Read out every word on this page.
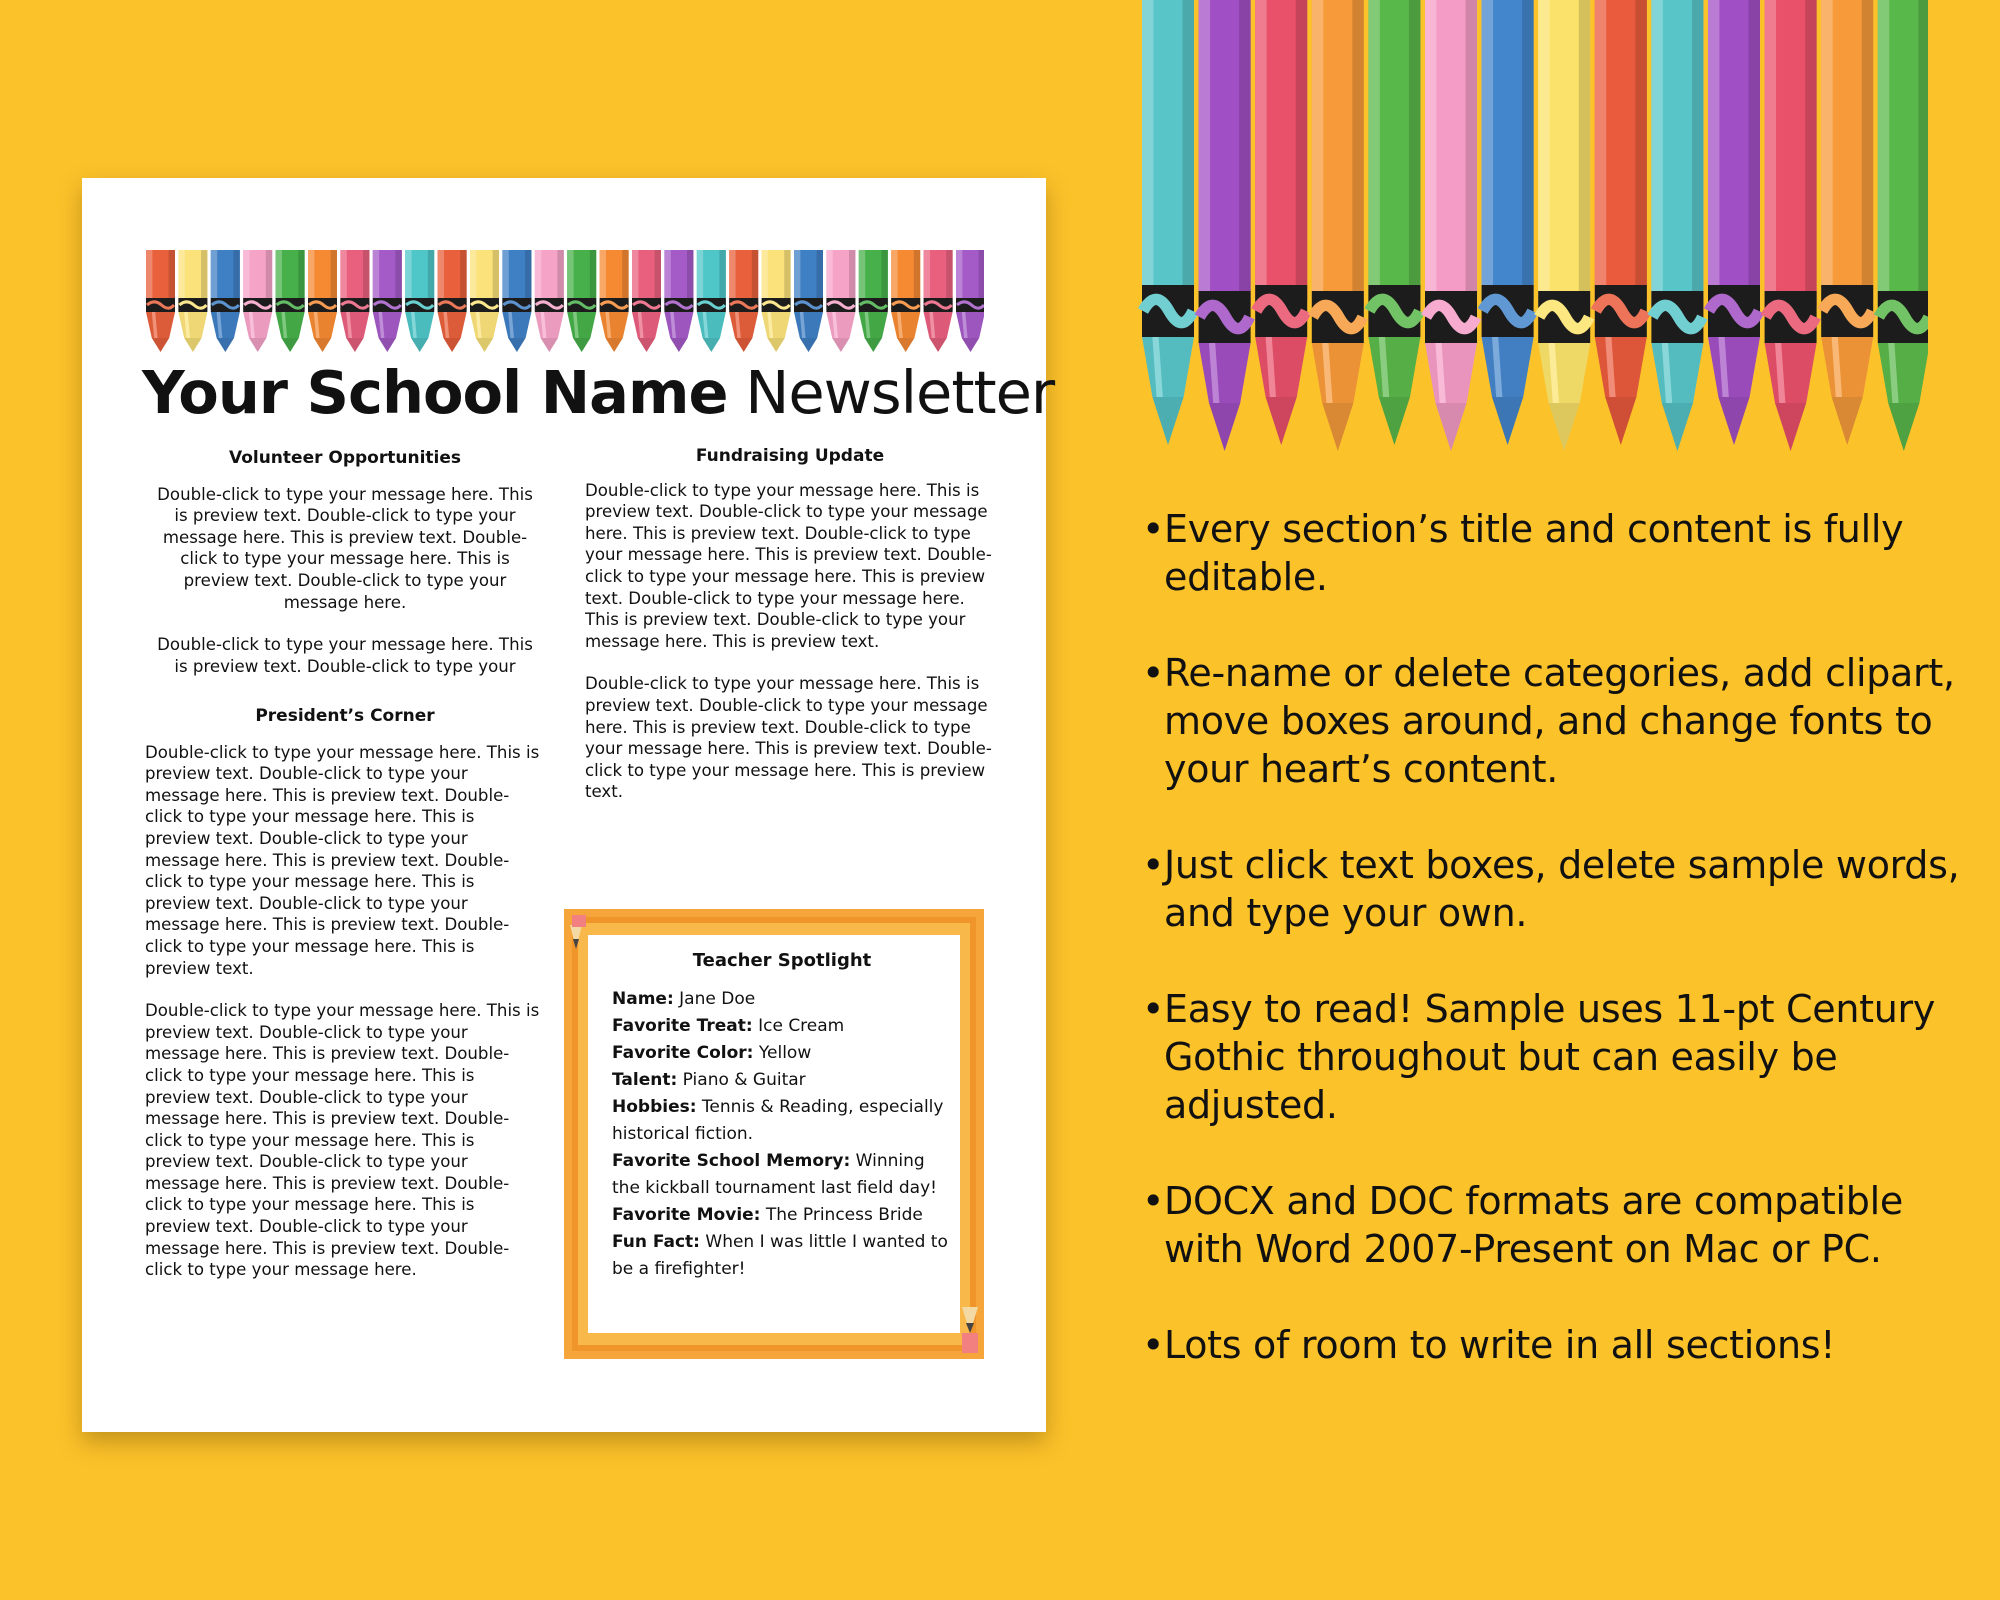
Your School Name Newsletter
Volunteer Opportunities

Double-click to type your message here. This is preview text. Double-click to type your message here. This is preview text. Double-click to type your message here. This is preview text. Double-click to type your message here.

Double-click to type your message here. This is preview text. Double-click to type your

President’s Corner

Double-click to type your message here. This is preview text. Double-click to type your message here. This is preview text. Double-click to type your message here. This is preview text. Double-click to type your message here. This is preview text. Double-click to type your message here. This is preview text. Double-click to type your message here. This is preview text. Double-click to type your message here. This is preview text.

Double-click to type your message here. This is preview text. Double-click to type your message here. This is preview text. Double-click to type your message here. This is preview text. Double-click to type your message here. This is preview text. Double-click to type your message here. This is preview text. Double-click to type your message here. This is preview text. Double-click to type your message here. This is preview text. Double-click to type your message here. This is preview text. Double-click to type your message here.

Fundraising Update

Double-click to type your message here. This is preview text. Double-click to type your message here. This is preview text. Double-click to type your message here. This is preview text. Double-click to type your message here. This is preview text. Double-click to type your message here. This is preview text. Double-click to type your message here. This is preview text.

Double-click to type your message here. This is preview text. Double-click to type your message here. This is preview text. Double-click to type your message here. This is preview text. Double-click to type your message here. This is preview text.

Teacher Spotlight
Name: Jane Doe
Favorite Treat: Ice Cream
Favorite Color: Yellow
Talent: Piano & Guitar
Hobbies: Tennis & Reading, especially historical fiction.
Favorite School Memory: Winning the kickball tournament last field day!
Favorite Movie: The Princess Bride
Fun Fact: When I was little I wanted to be a firefighter!
• Every section’s title and content is fully editable.
• Re-name or delete categories, add clipart, move boxes around, and change fonts to your heart’s content.
• Just click text boxes, delete sample words, and type your own.
• Easy to read! Sample uses 11-pt Century Gothic throughout but can easily be adjusted.
• DOCX and DOC formats are compatible with Word 2007-Present on Mac or PC.
• Lots of room to write in all sections!
